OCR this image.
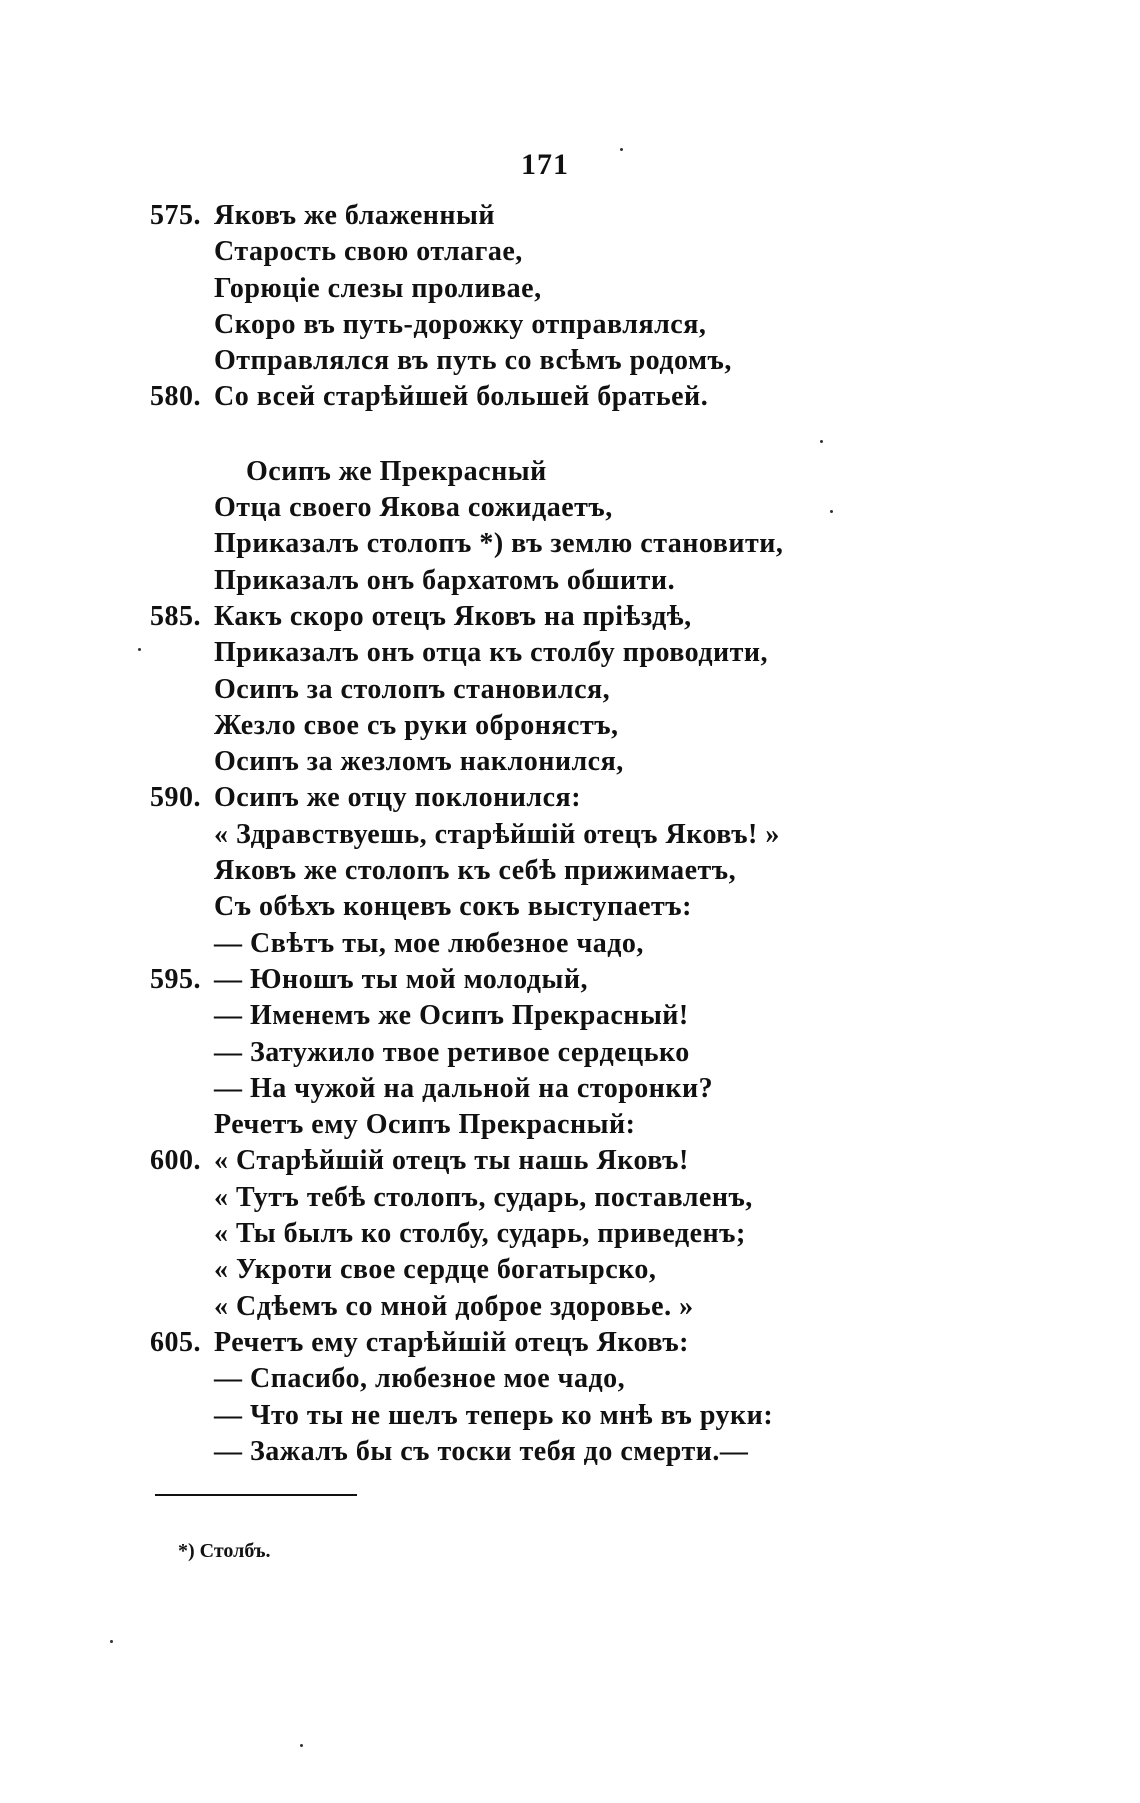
171
575. Яковъ же блаженный
Старость свою отлагае,
Горюціе слезы проливае,
Скоро въ путь-дорожку отправлялся,
Отправлялся въ путь со всѣмъ родомъ,
580. Со всей старѣйшей большей братьей.
Осипъ же Прекрасный
Отца своего Якова сожидаетъ,
Приказалъ столопъ *) въ землю становити,
Приказалъ онъ бархатомъ обшити.
585. Какъ скоро отецъ Яковъ на пріѣздѣ,
Приказалъ онъ отца къ столбу проводити,
Осипъ за столопъ становился,
Жезло свое съ руки обронястъ,
Осипъ за жезломъ наклонился,
590. Осипъ же отцу поклонился:
« Здравствуешь, старѣйшій отецъ Яковъ! »
Яковъ же столопъ къ себѣ прижимаетъ,
Съ обѣхъ концевъ сокъ выступаетъ:
— Свѣтъ ты, мое любезное чадо,
595. — Юношъ ты мой молодый,
— Именемъ же Осипъ Прекрасный!
— Затужило твое ретивое сердецько
— На чужой на дальной на сторонки?
Речетъ ему Осипъ Прекрасный:
600. « Старѣйшій отецъ ты нашь Яковъ!
« Тутъ тебѣ столопъ, сударь, поставленъ,
« Ты былъ ко столбу, сударь, приведенъ;
« Укроти свое сердце богатырско,
« Сдѣемъ со мной доброе здоровье. »
605. Речетъ ему старѣйшій отецъ Яковъ:
— Спасибо, любезное мое чадо,
— Что ты не шелъ теперь ко мнѣ въ руки:
— Зажалъ бы съ тоски тебя до смерти.—
*) Столбъ.
